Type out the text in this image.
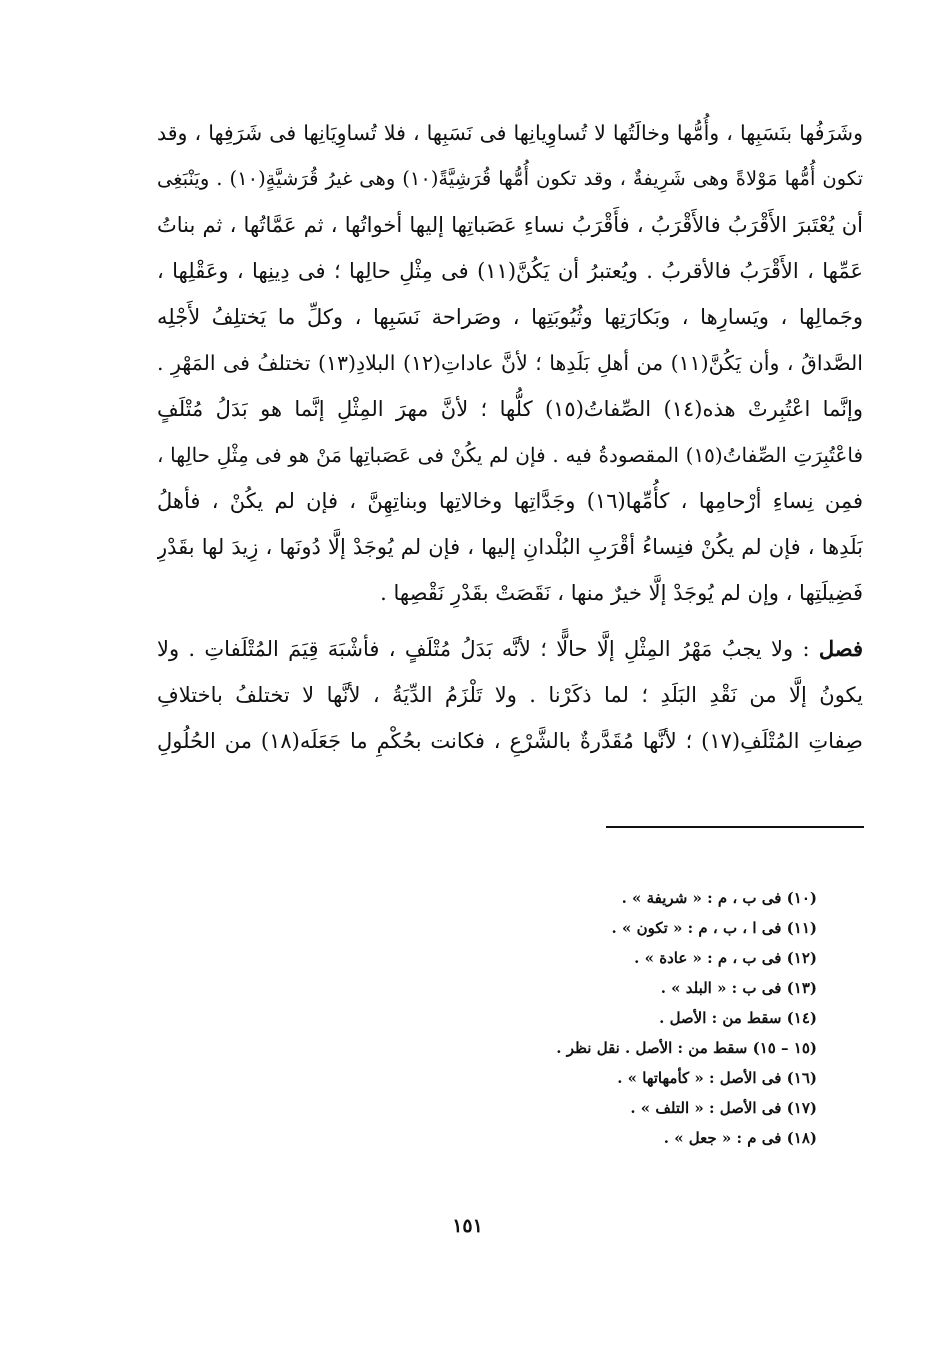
وشَرَفُها بنَسَبِها ، وأُمُّها وخالَتُها لا تُساوِيانِها فى نَسَبِها ، فلا تُساوِيَانِها فى شَرَفِها ، وقد
تكون أُمُّها مَوْلاةً وهى شَرِيفةٌ ، وقد تكون أُمُّها قُرَشِيَّةً(١٠) وهى غيرُ قُرَشيَّةٍ(١٠) . ويَنْبَغِى
أن يُعْتَبرَ الأَقْرَبُ فالأَقْرَبُ ، فأَقْرَبُ نساءِ عَصَباتِها إليها أخواتُها ، ثم عَمَّاتُها ، ثم بناتُ
عَمِّها ، الأَقْرَبُ فالأقربُ . ويُعتبرُ أن يَكُنَّ(١١) فى مِثْلِ حالِها ؛ فى دِينِها ، وعَقْلِها ،
وجَمالِها ، ويَسارِها ، وبَكارَتِها وثُيُوبَتِها ، وصَراحة نَسَبِها ، وكلِّ ما يَختلِفُ لأَجْلِه
الصَّداقُ ، وأن يَكُنَّ(١١) من أهلِ بَلَدِها ؛ لأنَّ عاداتِ(١٢) البلادِ(١٣) تختلفُ فى المَهْرِ .
وإنَّما اعْتُبِرتْ هذه(١٤) الصِّفاتُ(١٥) كلُّها ؛ لأنَّ مهرَ المِثْلِ إنَّما هو بَدَلُ مُتْلَفٍ
فاعْتُبِرَتِ الصِّفاتُ(١٥) المقصودةُ فيه . فإن لم يكُنْ فى عَصَباتِها مَنْ هو فى مِثْلِ حالِها ،
فمِن نِساءِ أرْحامِها ، كأُمِّها(١٦) وجَدَّاتِها وخالاتِها وبناتِهِنَّ ، فإن لم يكُنْ ، فأهلُ
بَلَدِها ، فإن لم يكُنْ فنِساءُ أقْرَبِ البُلْدانِ إليها ، فإن لم يُوجَدْ إلَّا دُونَها ، زِيدَ لها بقَدْرِ
فَضِيلَتِها ، وإن لم يُوجَدْ إلَّا خيرٌ منها ، نَقَصَتْ بقَدْرِ نَقْصِها .
فصل : ولا يجبُ مَهْرُ المِثْلِ إلَّا حالًّا ؛ لأنَّه بَدَلُ مُتْلَفٍ ، فأشْبَهَ قِيَمَ المُتْلَفاتِ . ولا
يكونُ إلَّا من نَقْدِ البَلَدِ ؛ لما ذكَرْنا . ولا تَلْزَمُ الدِّيَةُ ، لأنَّها لا تختلفُ باختلافِ
صِفاتِ المُتْلَفِ(١٧) ؛ لأنَّها مُقَدَّرةٌ بالشَّرْعِ ، فكانت بحُكْمِ ما جَعَلَه(١٨) من الحُلُولِ
(١٠) فى ب ، م : « شريفة » .
(١١) فى ا ، ب ، م : « تكون » .
(١٢) فى ب ، م : « عادة » .
(١٣) فى ب : « البلد » .
(١٤) سقط من : الأصل .
(١٥ – ١٥) سقط من : الأصل . نقل نظر .
(١٦) فى الأصل : « كأمهاتها » .
(١٧) فى الأصل : « التلف » .
(١٨) فى م : « جعل » .
١٥١
